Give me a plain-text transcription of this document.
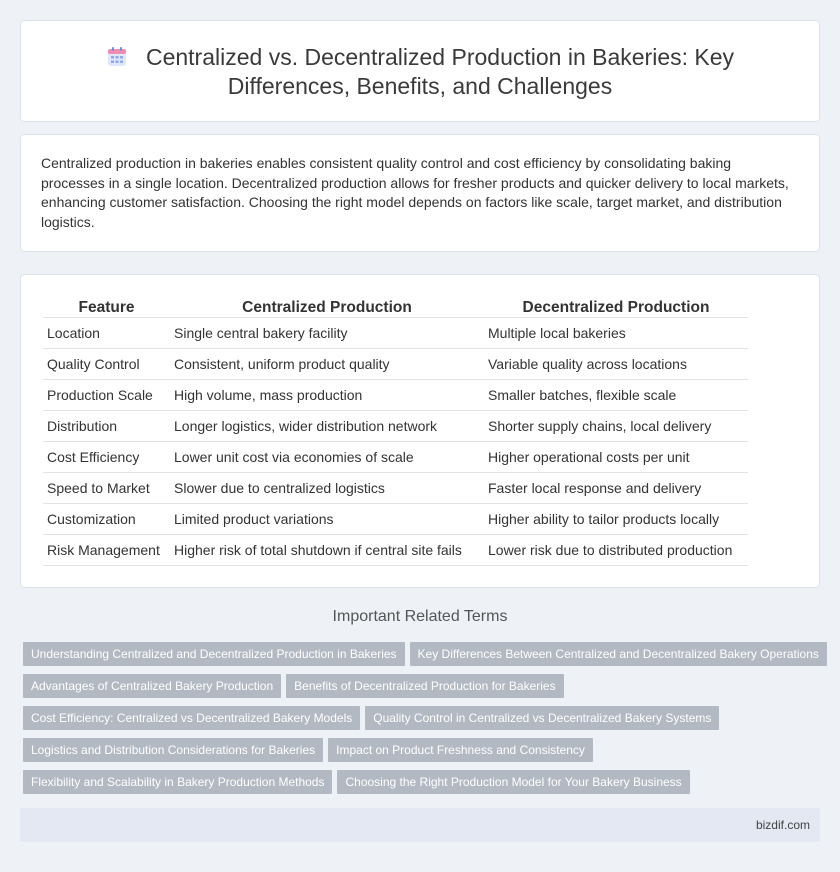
Centralized vs. Decentralized Production in Bakeries: Key Differences, Benefits, and Challenges

Centralized production in bakeries enables consistent quality control and cost efficiency by consolidating baking processes in a single location. Decentralized production allows for fresher products and quicker delivery to local markets, enhancing customer satisfaction. Choosing the right model depends on factors like scale, target market, and distribution logistics.

Feature	Centralized Production	Decentralized Production
Location	Single central bakery facility	Multiple local bakeries
Quality Control	Consistent, uniform product quality	Variable quality across locations
Production Scale	High volume, mass production	Smaller batches, flexible scale
Distribution	Longer logistics, wider distribution network	Shorter supply chains, local delivery
Cost Efficiency	Lower unit cost via economies of scale	Higher operational costs per unit
Speed to Market	Slower due to centralized logistics	Faster local response and delivery
Customization	Limited product variations	Higher ability to tailor products locally
Risk Management	Higher risk of total shutdown if central site fails	Lower risk due to distributed production
Important Related Terms
Understanding Centralized and Decentralized Production in Bakeries Key Differences Between Centralized and Decentralized Bakery Operations
Advantages of Centralized Bakery Production Benefits of Decentralized Production for Bakeries
Cost Efficiency: Centralized vs Decentralized Bakery Models Quality Control in Centralized vs Decentralized Bakery Systems
Logistics and Distribution Considerations for Bakeries Impact on Product Freshness and Consistency
Flexibility and Scalability in Bakery Production Methods Choosing the Right Production Model for Your Bakery Business
bizdif.com
